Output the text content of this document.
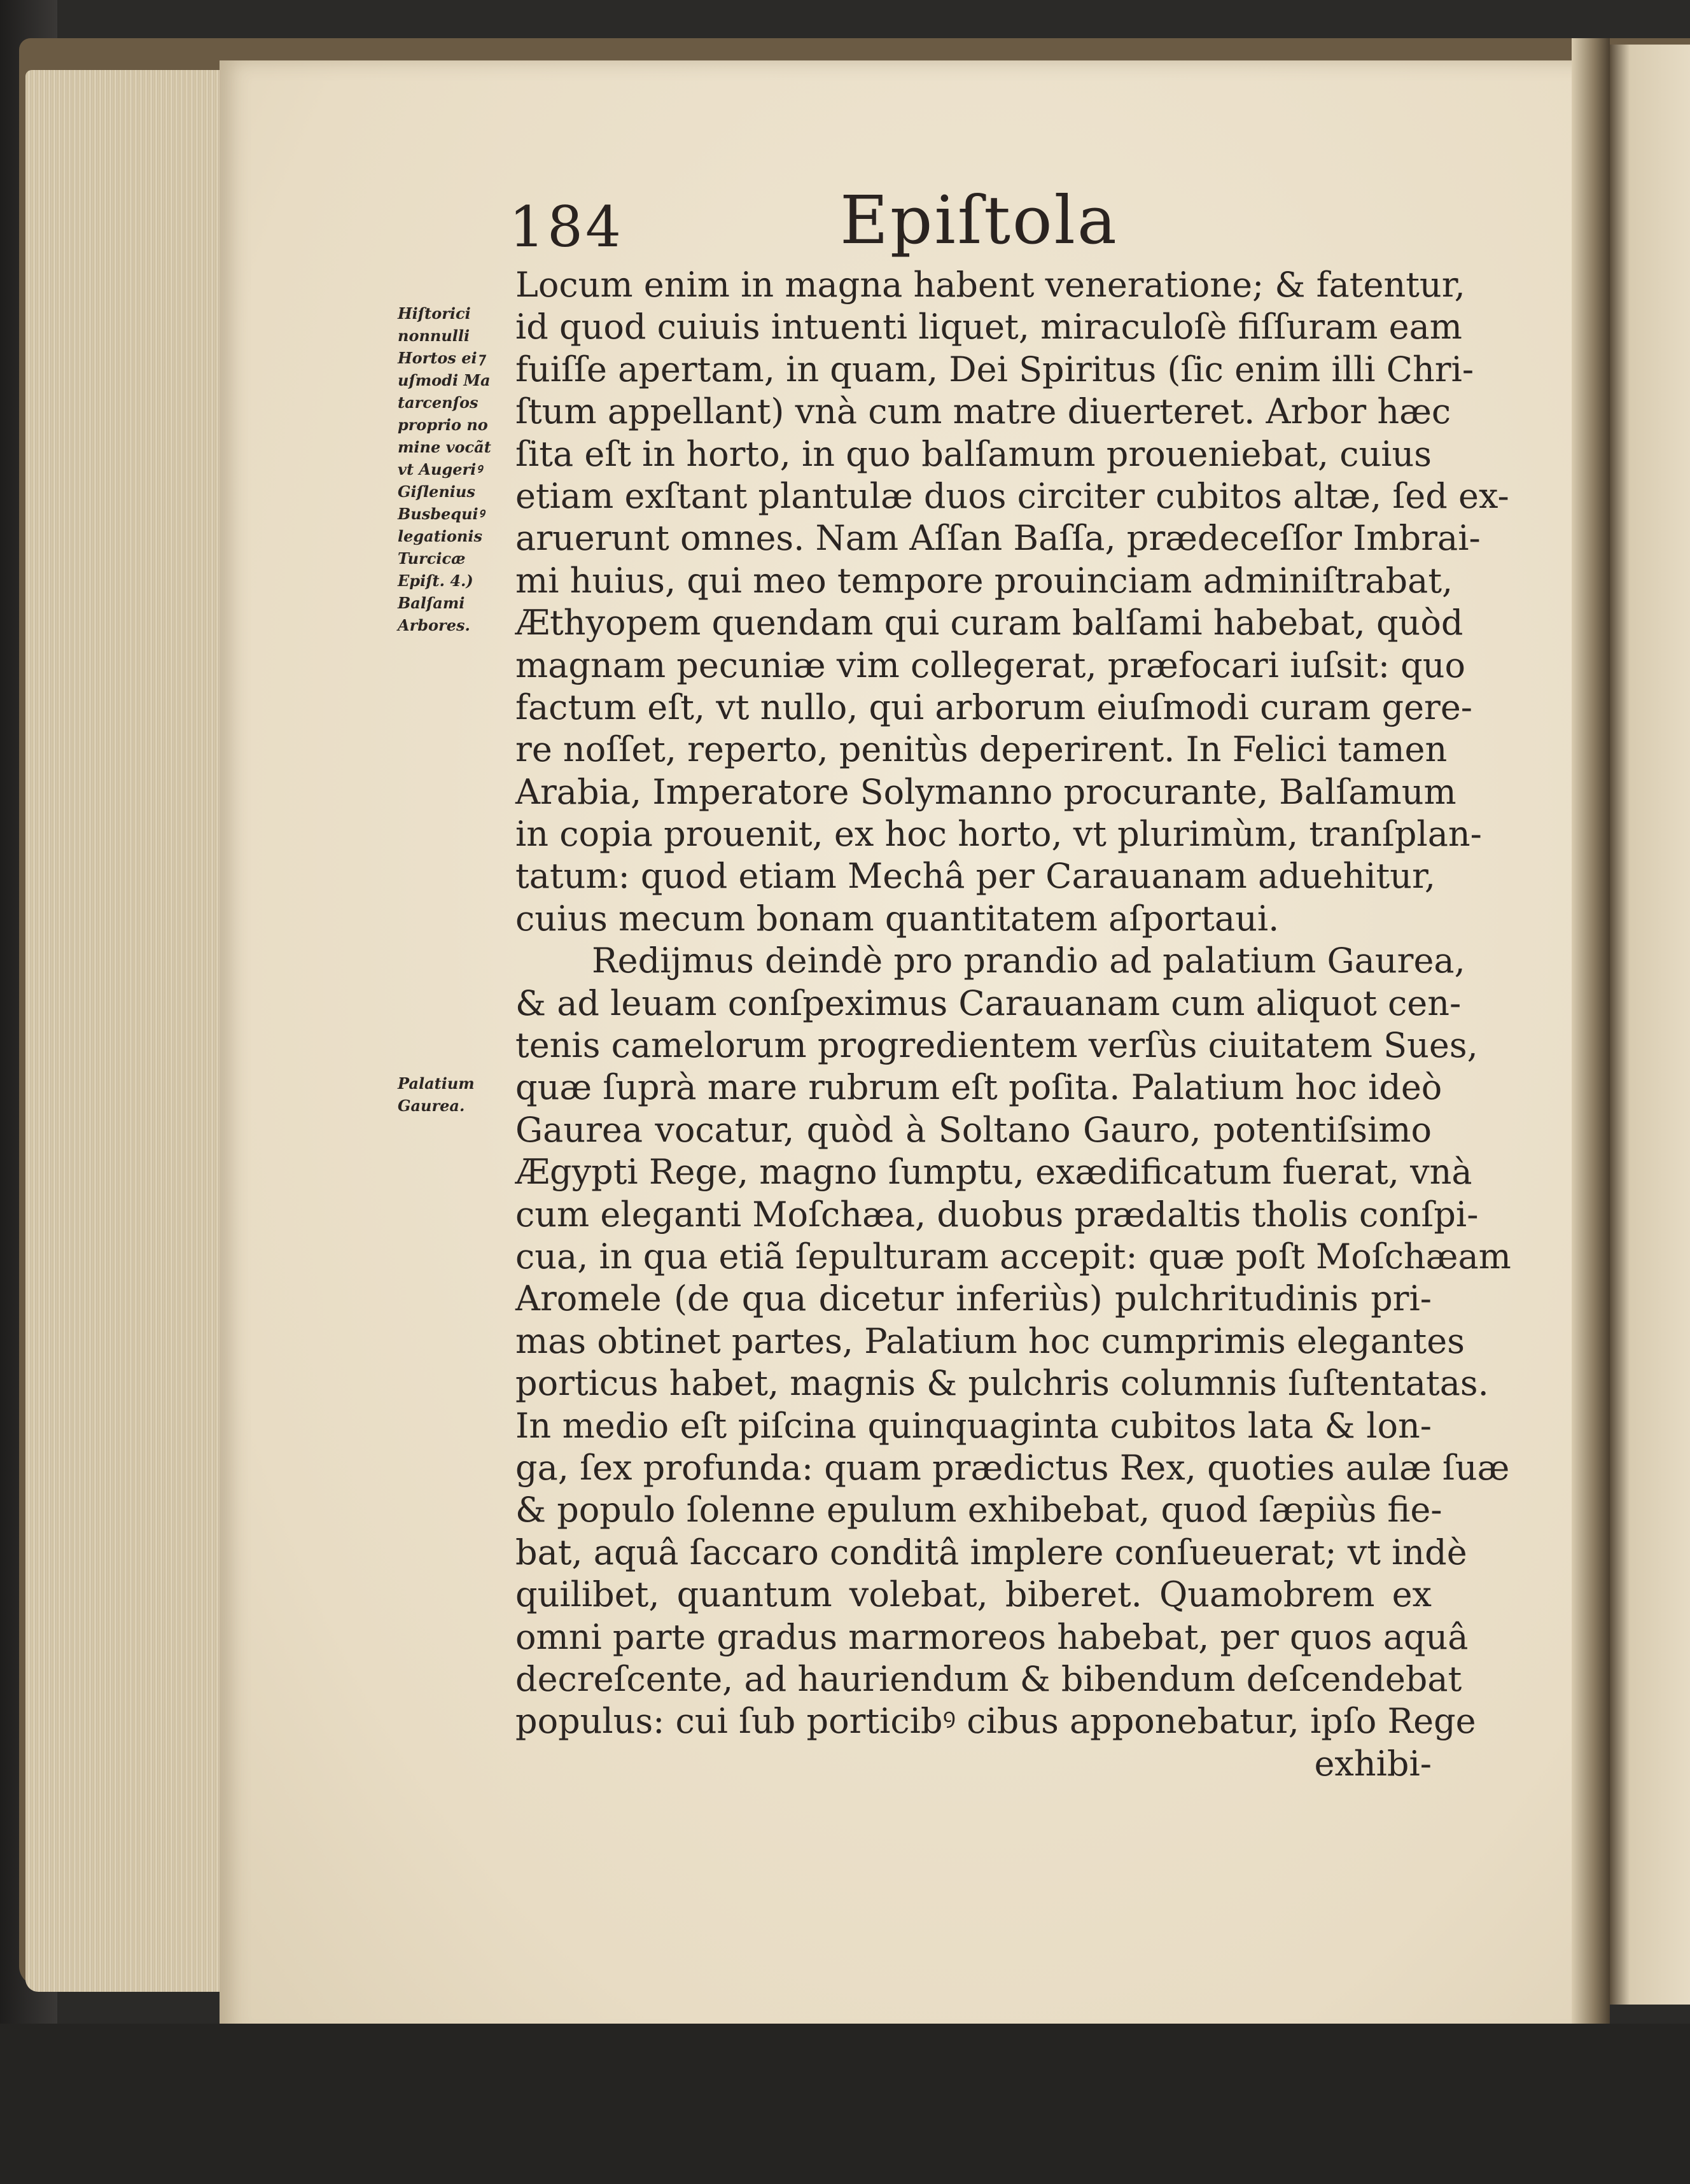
184	Epiſtola
Hiſtorici
nonnulli
Hortos ei⁊
uſmodi Ma
tarcenſos
proprio no
mine vocãt
vt Augeriꝰ
Giſlenius
Busbequiꝰ
legationis
Turcicæ
Epiſt. 4.)
Balſami
Arbores.
Palatium
Gaurea.
Locum enim in magna habent veneratione; & fatentur,
id quod cuiuis intuenti liquet, miraculoſè fiſſuram eam
fuiſſe apertam, in quam, Dei Spiritus (ſic enim illi Chri-
ſtum appellant) vnà cum matre diuerteret. Arbor hæc
ſita eſt in horto, in quo balſamum proueniebat, cuius
etiam exſtant plantulæ duos circiter cubitos altæ, ſed ex-
aruerunt omnes. Nam Aſſan Baſſa, prædeceſſor Imbrai-
mi huius, qui meo tempore prouinciam adminiſtrabat,
Æthyopem quendam qui curam balſami habebat, quòd
magnam pecuniæ vim collegerat, præfocari iuſsit: quo
factum eſt, vt nullo, qui arborum eiuſmodi curam gere-
re noſſet, reperto, penitùs deperirent. In Felici tamen
Arabia, Imperatore Solymanno procurante, Balſamum
in copia prouenit, ex hoc horto, vt plurimùm, tranſplan-
tatum: quod etiam Mechâ per Carauanam aduehitur,
cuius mecum bonam quantitatem aſportaui.
Rediјmus deindè pro prandio ad palatium Gaurea,
& ad leuam conſpeximus Carauanam cum aliquot cen-
tenis camelorum progredientem verſùs ciuitatem Sues,
quæ ſuprà mare rubrum eſt poſita. Palatium hoc ideò
Gaurea vocatur, quòd à Soltano Gauro, potentiſsimo
Ægypti Rege, magno ſumptu, exædificatum fuerat, vnà
cum eleganti Moſchæa, duobus prædaltis tholis conſpi-
cua, in qua etiã ſepulturam accepit: quæ poſt Moſchæam
Aromele (de qua dicetur inferiùs) pulchritudinis pri-
mas obtinet partes, Palatium hoc cumprimis elegantes
porticus habet, magnis & pulchris columnis ſuſtentatas.
In medio eſt piſcina quinquaginta cubitos lata & lon-
ga, ſex profunda: quam prædictus Rex, quoties aulæ ſuæ
& populo ſolenne epulum exhibebat, quod ſæpiùs fie-
bat, aquâ ſaccaro conditâ implere conſueuerat; vt indè
quilibet, quantum volebat, biberet. Quamobrem ex
omni parte gradus marmoreos habebat, per quos aquâ
decreſcente, ad hauriendum & bibendum deſcendebat
populus: cui ſub porticibꝰ cibus apponebatur, ipſo Rege
exhibi-
